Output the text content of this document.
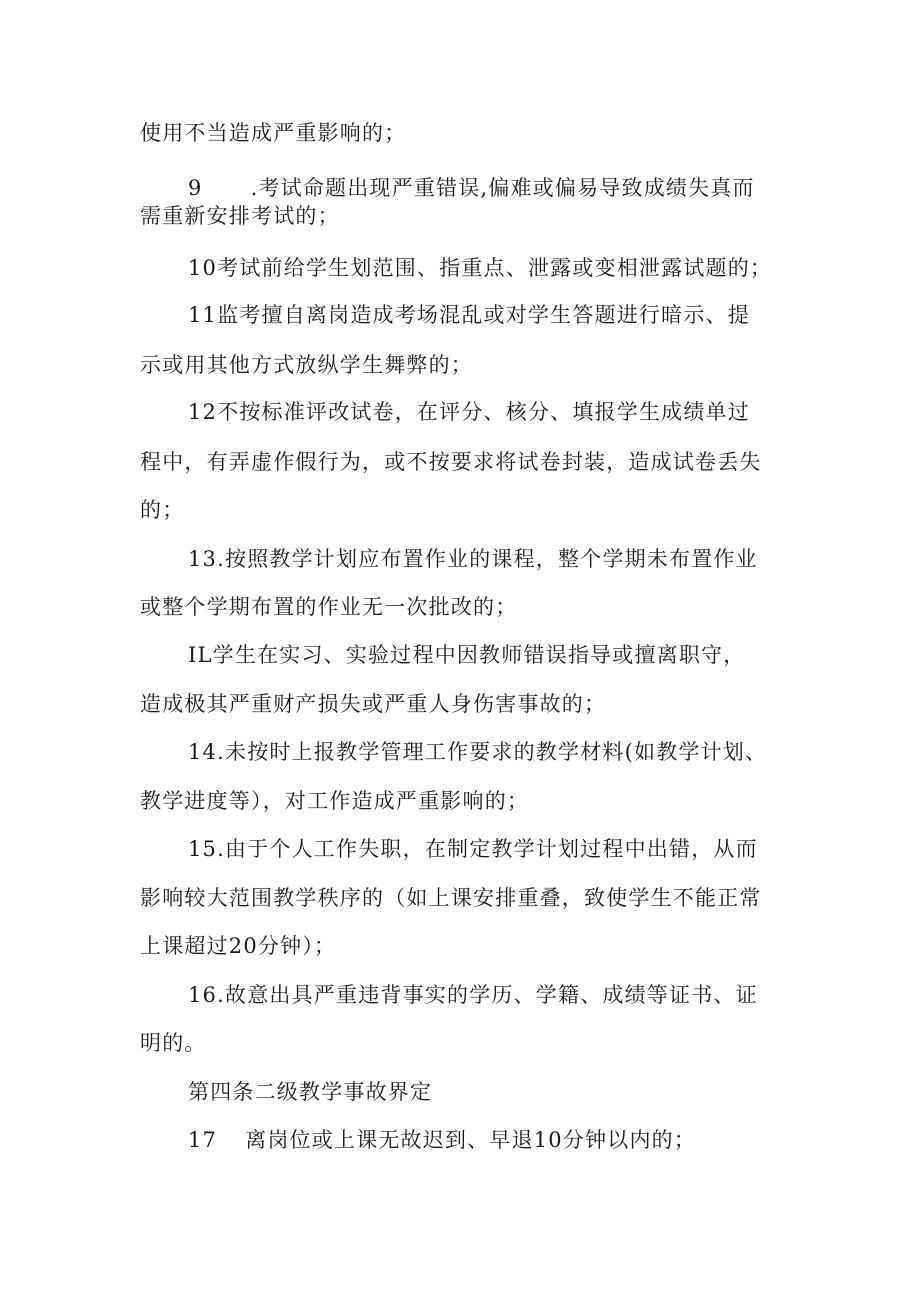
使用不当造成严重影响的；
9 .考试命题出现严重错误,偏难或偏易导致成绩失真而
需重新安排考试的；
10考试前给学生划范围、指重点、泄露或变相泄露试题的；
11监考擅自离岗造成考场混乱或对学生答题进行暗示、提
示或用其他方式放纵学生舞弊的；
12不按标准评改试卷，在评分、核分、填报学生成绩单过
程中，有弄虚作假行为，或不按要求将试卷封装，造成试卷丢失
的；
13.按照教学计划应布置作业的课程，整个学期未布置作业
或整个学期布置的作业无一次批改的；
IL学生在实习、实验过程中因教师错误指导或擅离职守，
造成极其严重财产损失或严重人身伤害事故的；
14.未按时上报教学管理工作要求的教学材料(如教学计划、
教学进度等），对工作造成严重影响的；
15.由于个人工作失职，在制定教学计划过程中出错，从而
影响较大范围教学秩序的（如上课安排重叠，致使学生不能正常
上课超过20分钟）；
16.故意出具严重违背事实的学历、学籍、成绩等证书、证
明的。
第四条二级教学事故界定
17 离岗位或上课无故迟到、早退10分钟以内的；
